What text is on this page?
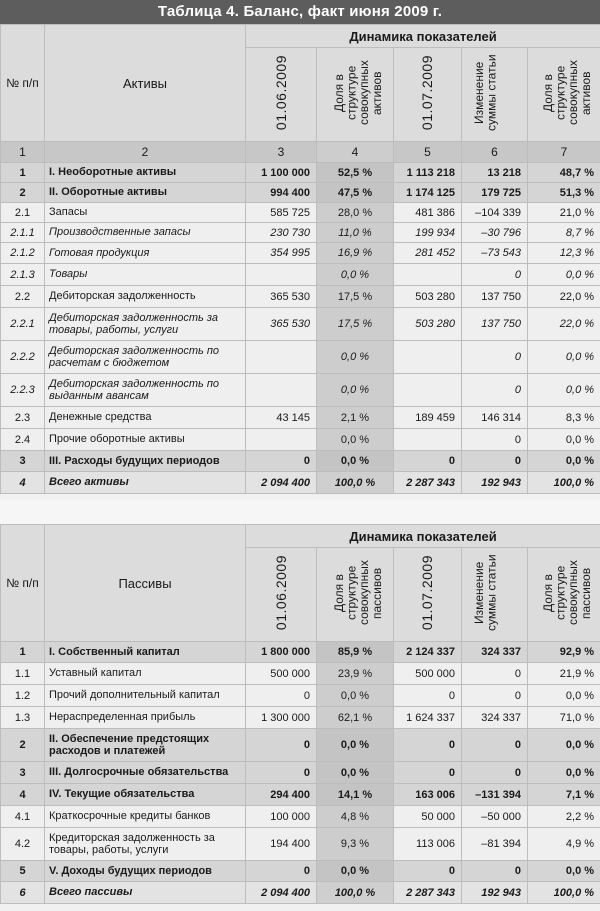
Таблица 4. Баланс, факт июня 2009 г.
№ п/п	Активы	Динамика показателей				
		01.06.2009	Доля в структуре совокупных активов	01.07.2009	Изменение суммы статьи	Доля в структуре совокупных активов
1	2	3	4	5	6	7
1	I. Необоротные активы	1 100 000	52,5 %	1 113 218	13 218	48,7 %
2	II. Оборотные активы	994 400	47,5 %	1 174 125	179 725	51,3 %
2.1	Запасы	585 725	28,0 %	481 386	–104 339	21,0 %
2.1.1	Производственные запасы	230 730	11,0 %	199 934	–30 796	8,7 %
2.1.2	Готовая продукция	354 995	16,9 %	281 452	–73 543	12,3 %
2.1.3	Товары		0,0 %		0	0,0 %
2.2	Дебиторская задолженность	365 530	17,5 %	503 280	137 750	22,0 %
2.2.1	Дебиторская задолженность за товары, работы, услуги	365 530	17,5 %	503 280	137 750	22,0 %
2.2.2	Дебиторская задолженность по расчетам с бюджетом		0,0 %		0	0,0 %
2.2.3	Дебиторская задолженность по выданным авансам		0,0 %		0	0,0 %
2.3	Денежные средства	43 145	2,1 %	189 459	146 314	8,3 %
2.4	Прочие оборотные активы		0,0 %		0	0,0 %
3	III. Расходы будущих периодов	0	0,0 %	0	0	0,0 %
4	Всего активы	2 094 400	100,0 %	2 287 343	192 943	100,0 %
№ п/п	Пассивы	Динамика показателей				
		01.06.2009	Доля в структуре совокупных пассивов	01.07.2009	Изменение суммы статьи	Доля в структуре совокупных пассивов
1	I. Собственный капитал	1 800 000	85,9 %	2 124 337	324 337	92,9 %
1.1	Уставный капитал	500 000	23,9 %	500 000	0	21,9 %
1.2	Прочий дополнительный капитал	0	0,0 %	0	0	0,0 %
1.3	Нераспределенная прибыль	1 300 000	62,1 %	1 624 337	324 337	71,0 %
2	II. Обеспечение предстоящих расходов и платежей	0	0,0 %	0	0	0,0 %
3	III. Долгосрочные обязательства	0	0,0 %	0	0	0,0 %
4	IV. Текущие обязательства	294 400	14,1 %	163 006	–131 394	7,1 %
4.1	Краткосрочные кредиты банков	100 000	4,8 %	50 000	–50 000	2,2 %
4.2	Кредиторская задолженность за товары, работы, услуги	194 400	9,3 %	113 006	–81 394	4,9 %
5	V. Доходы будущих периодов	0	0,0 %	0	0	0,0 %
6	Всего пассивы	2 094 400	100,0 %	2 287 343	192 943	100,0 %
